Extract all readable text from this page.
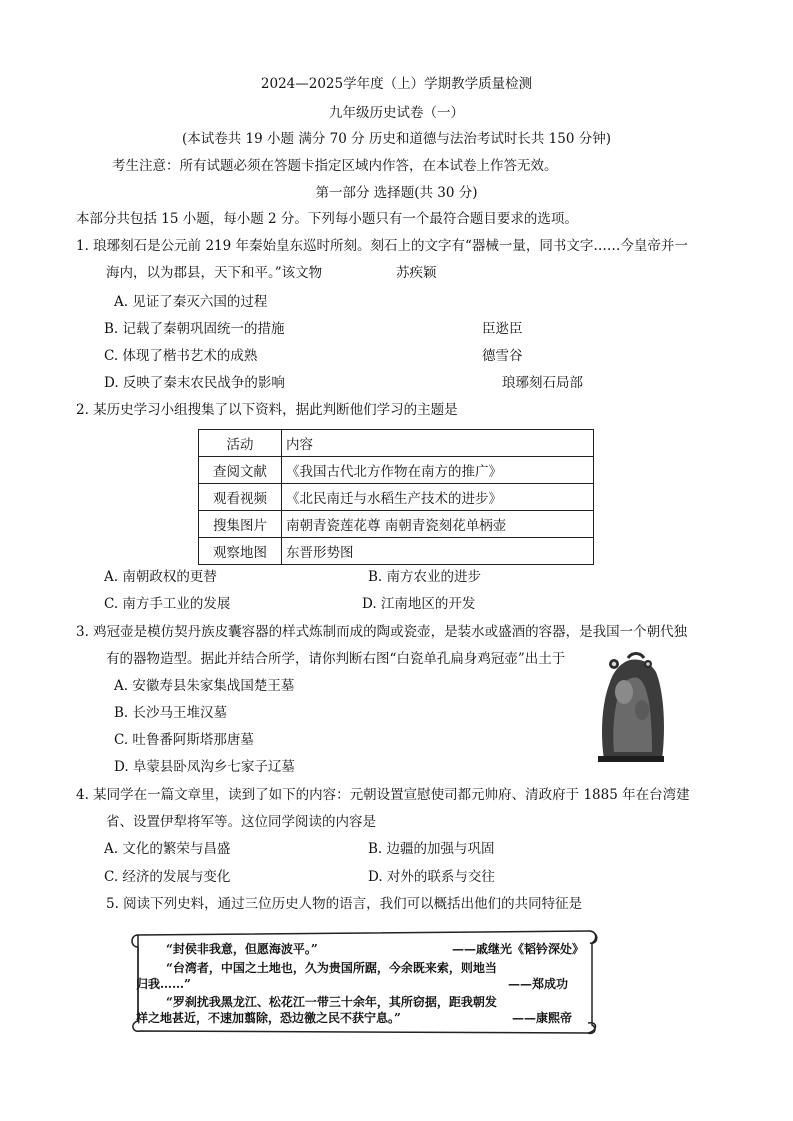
2024—2025学年度（上）学期教学质量检测
九年级历史试卷（一）
(本试卷共 19 小题 满分 70 分 历史和道德与法治考试时长共 150 分钟)
考生注意：所有试题必须在答题卡指定区域内作答，在本试卷上作答无效。
第一部分 选择题(共 30 分)
本部分共包括 15 小题，每小题 2 分。下列每小题只有一个最符合题目要求的选项。
1. 琅琊刻石是公元前 219 年秦始皇东巡时所刻。刻石上的文字有“器械一量，同书文字……今皇帝并一
海内，以为郡县，天下和平。”该文物	苏疾颖
A. 见证了秦灭六国的过程
B. 记载了秦朝巩固统一的措施	臣逖臣
C. 体现了楷书艺术的成熟	德雪谷
D. 反映了秦末农民战争的影响	琅琊刻石局部
2. 某历史学习小组搜集了以下资料，据此判断他们学习的主题是
活动	内容
查阅文献	《我国古代北方作物在南方的推广》
观看视频	《北民南迁与水稻生产技术的进步》
搜集图片	南朝青瓷莲花尊 南朝青瓷刻花单柄壶
观察地图	东晋形势图
A. 南朝政权的更替	B. 南方农业的进步
C. 南方手工业的发展	D. 江南地区的开发
3. 鸡冠壶是模仿契丹族皮囊容器的样式炼制而成的陶或瓷壶，是装水或盛酒的容器，是我国一个朝代独
有的器物造型。据此并结合所学，请你判断右图“白瓷单孔扁身鸡冠壶”出土于
A. 安徽寿县朱家集战国楚王墓
B. 长沙马王堆汉墓
C. 吐鲁番阿斯塔那唐墓
D. 阜蒙县卧凤沟乡七家子辽墓
4. 某同学在一篇文章里，读到了如下的内容：元朝设置宣慰使司都元帅府、清政府于 1885 年在台湾建
省、设置伊犁将军等。这位同学阅读的内容是
A. 文化的繁荣与昌盛	B. 边疆的加强与巩固
C. 经济的发展与变化	D. 对外的联系与交往
5. 阅读下列史料，通过三位历史人物的语言，我们可以概括出他们的共同特征是
“封侯非我意，但愿海波平。”	——戚继光《韬钤深处》
“台湾者，中国之土地也，久为贵国所踞，今余既来索，则地当
归我……”	——郑成功
“罗刹扰我黑龙江、松花江一带三十余年，其所窃据，距我朝发
祥之地甚近，不速加翦除，恐边徼之民不获宁息。”	——康熙帝
